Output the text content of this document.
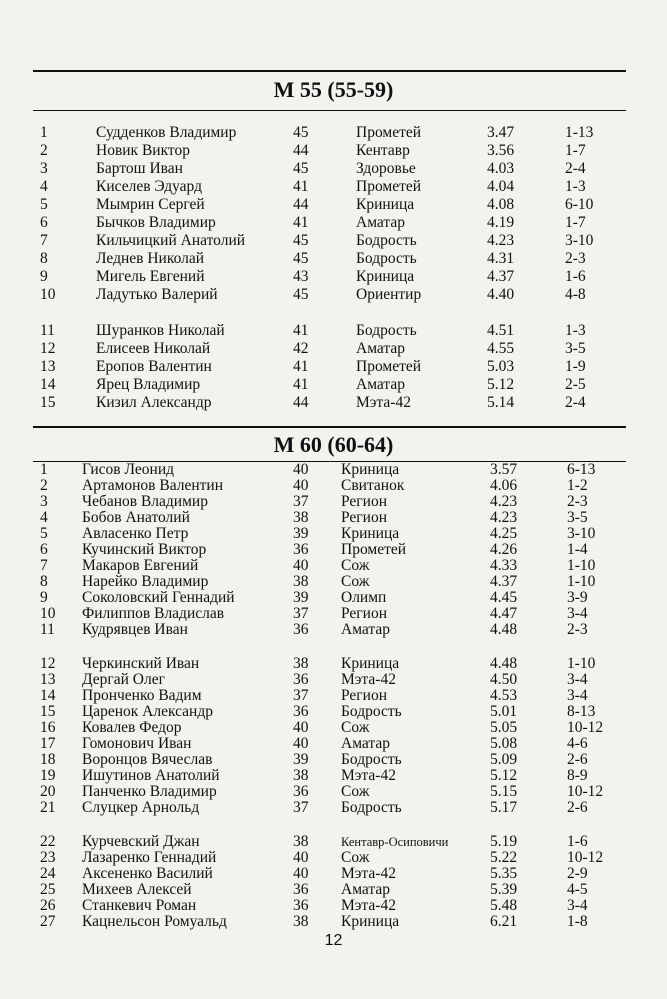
М 55 (55-59)
1	Судденков Владимир	45	Прометей	3.47	1-13
2	Новик Виктор	44	Кентавр	3.56	1-7
3	Бартош Иван	45	Здоровье	4.03	2-4
4	Киселев Эдуард	41	Прометей	4.04	1-3
5	Мымрин Сергей	44	Криница	4.08	6-10
6	Бычков Владимир	41	Аматар	4.19	1-7
7	Кильчицкий Анатолий	45	Бодрость	4.23	3-10
8	Леднев Николай	45	Бодрость	4.31	2-3
9	Мигель Евгений	43	Криница	4.37	1-6
10	Ладутько Валерий	45	Ориентир	4.40	4-8
11	Шуранков Николай	41	Бодрость	4.51	1-3
12	Елисеев Николай	42	Аматар	4.55	3-5
13	Еропов Валентин	41	Прометей	5.03	1-9
14	Ярец Владимир	41	Аматар	5.12	2-5
15	Кизил Александр	44	Мэта-42	5.14	2-4
М 60 (60-64)
1 Гисов Леонид	40 Криница	3.57	6-13
2 Артамонов Валентин	40 Свитанок	4.06	1-2
3 Чебанов Владимир	37 Регион	4.23	2-3
4 Бобов Анатолий	38 Регион	4.23	3-5
5 Авласенко Петр	39 Криница	4.25	3-10
6 Кучинский Виктор	36 Прометей	4.26	1-4
7 Макаров Евгений	40 Сож	4.33	1-10
8 Нарейко Владимир	38 Сож	4.37	1-10
9 Соколовский Геннадий	39 Олимп	4.45	3-9
10 Филиппов Владислав	37 Регион	4.47	3-4
11 Кудрявцев Иван	36 Аматар	4.48	2-3
12 Черкинский Иван	38 Криница	4.48	1-10
13 Дергай Олег	36 Мэта-42	4.50	3-4
14 Пронченко Вадим	37 Регион	4.53	3-4
15 Царенок Александр	36 Бодрость	5.01	8-13
16 Ковалев Федор	40 Сож	5.05	10-12
17 Гомонович Иван	40 Аматар	5.08	4-6
18 Воронцов Вячеслав	39 Бодрость	5.09	2-6
19 Ишутинов Анатолий	38 Мэта-42	5.12	8-9
20 Панченко Владимир	36 Сож	5.15	10-12
21 Слуцкер Арнольд	37 Бодрость	5.17	2-6
22 Курчевский Джан	38	Кентавр-Осиповичи	5.19	1-6
23 Лазаренко Геннадий	40 Сож	5.22	10-12
24 Аксененко Василий	40 Мэта-42	5.35	2-9
25 Михеев Алексей	36 Аматар	5.39	4-5
26 Станкевич Роман	36 Мэта-42	5.48	3-4
27 Кацнельсон Ромуальд	38 Криница	6.21	1-8
12
